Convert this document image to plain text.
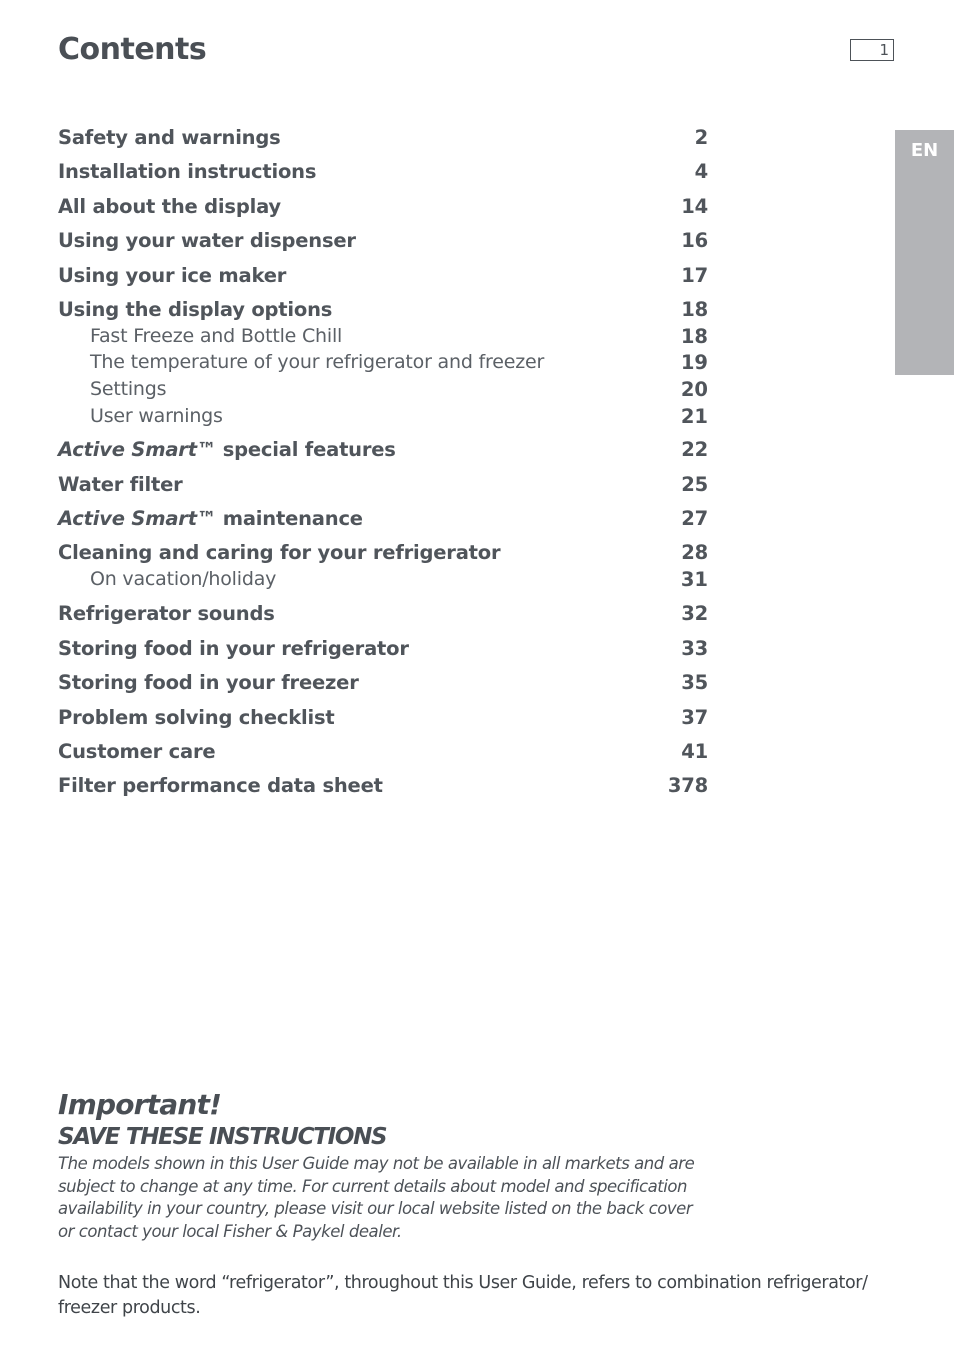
Contents	1
EN
Safety and warnings	2
Installation instructions	4
All about the display	14
Using your water dispenser	16
Using your ice maker	17
Using the display options	18
Fast Freeze and Bottle Chill	18
The temperature of your refrigerator and freezer	19
Settings	20
User warnings	21
Active Smart™ special features	22
Water filter	25
Active Smart™ maintenance	27
Cleaning and caring for your refrigerator	28
On vacation/holiday	31
Refrigerator sounds	32
Storing food in your refrigerator	33
Storing food in your freezer	35
Problem solving checklist	37
Customer care	41
Filter performance data sheet	378
Important!
SAVE THESE INSTRUCTIONS
The models shown in this User Guide may not be available in all markets and are
subject to change at any time. For current details about model and specification
availability in your country, please visit our local website listed on the back cover
or contact your local Fisher & Paykel dealer.
Note that the word “refrigerator”, throughout this User Guide, refers to combination refrigerator/
freezer products.
